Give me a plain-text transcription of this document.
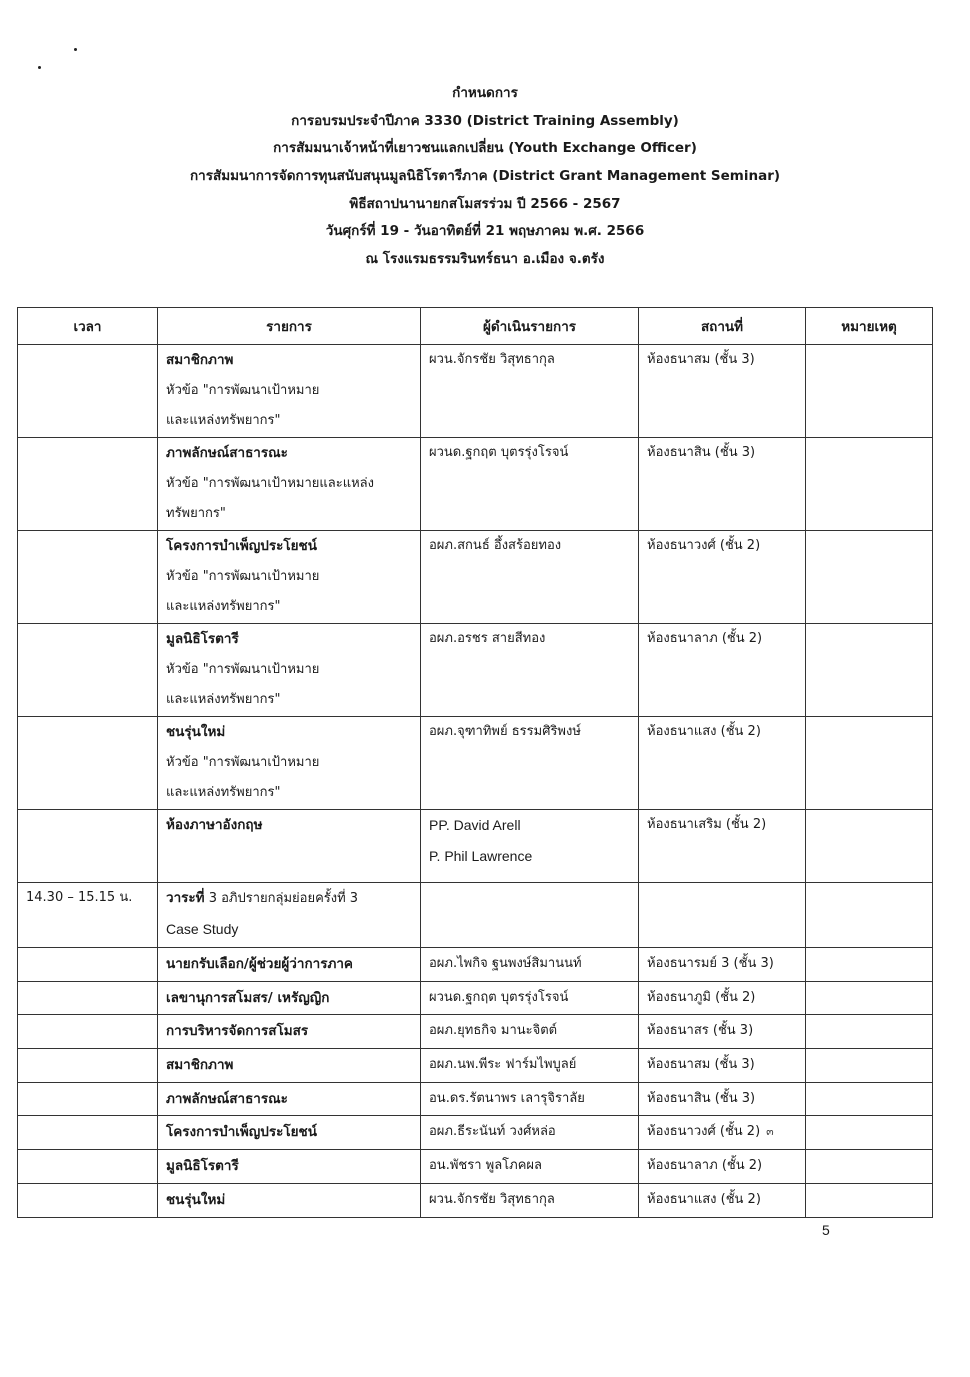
กำหนดการ
การอบรมประจำปีภาค 3330 (District Training Assembly)
การสัมมนาเจ้าหน้าที่เยาวชนแลกเปลี่ยน (Youth Exchange Officer)
การสัมมนาการจัดการทุนสนับสนุนมูลนิธิโรตารีภาค (District Grant Management Seminar)
พิธีสถาปนานายกสโมสรร่วม ปี 2566 - 2567
วันศุกร์ที่ 19 - วันอาทิตย์ที่ 21 พฤษภาคม พ.ศ. 2566
ณ โรงแรมธรรมรินทร์ธนา อ.เมือง จ.ตรัง
เวลา	รายการ	ผู้ดำเนินรายการ	สถานที่	หมายเหตุ

	สมาชิกภาพ
หัวข้อ "การพัฒนาเป้าหมาย
และแหล่งทรัพยากร"	ผวน.จักรชัย วิสุทธากุล	ห้องธนาสม (ชั้น 3)	

	ภาพลักษณ์สาธารณะ
หัวข้อ "การพัฒนาเป้าหมายและแหล่ง
ทรัพยากร"	ผวนด.ฐกฤต บุตรรุ่งโรจน์	ห้องธนาสิน (ชั้น 3)	

	โครงการบำเพ็ญประโยชน์
หัวข้อ "การพัฒนาเป้าหมาย
และแหล่งทรัพยากร"	อผภ.สกนธ์ อึ้งสร้อยทอง	ห้องธนาวงศ์ (ชั้น 2)	

	มูลนิธิโรตารี
หัวข้อ "การพัฒนาเป้าหมาย
และแหล่งทรัพยากร"	อผภ.อรชร สายสีทอง	ห้องธนาลาภ (ชั้น 2)	

	ชนรุ่นใหม่
หัวข้อ "การพัฒนาเป้าหมาย
และแหล่งทรัพยากร"	อผภ.จุฑาทิพย์ ธรรมศิริพงษ์	ห้องธนาแสง (ชั้น 2)	

	ห้องภาษาอังกฤษ	PP. David Arell
P. Phil Lawrence	ห้องธนาเสริม (ชั้น 2)	

14.30 – 15.15 น.	วาระที่ 3 อภิปรายกลุ่มย่อยครั้งที่ 3
Case Study			

	นายกรับเลือก/ผู้ช่วยผู้ว่าการภาค	อผภ.ไพกิจ ฐนพงษ์สิมานนท์	ห้องธนารมย์ 3 (ชั้น 3)	

	เลขานุการสโมสร/ เหรัญญิก	ผวนด.ฐกฤต บุตรรุ่งโรจน์	ห้องธนาภูมิ (ชั้น 2)	

	การบริหารจัดการสโมสร	อผภ.ยุทธกิจ มานะจิตต์	ห้องธนาสร (ชั้น 3)	

	สมาชิกภาพ	อผภ.นพ.พีระ ฟาร์มไพบูลย์	ห้องธนาสม (ชั้น 3)	

	ภาพลักษณ์สาธารณะ	อน.ดร.รัตนาพร เลารุจิราลัย	ห้องธนาสิน (ชั้น 3)	

	โครงการบำเพ็ญประโยชน์	อผภ.ธีระนันท์ วงศ์หล่อ	ห้องธนาวงศ์ (ชั้น 2) ๓	

	มูลนิธิโรตารี	อน.พัชรา พูลโภคผล	ห้องธนาลาภ (ชั้น 2)	

	ชนรุ่นใหม่	ผวน.จักรชัย วิสุทธากุล	ห้องธนาแสง (ชั้น 2)	

5
